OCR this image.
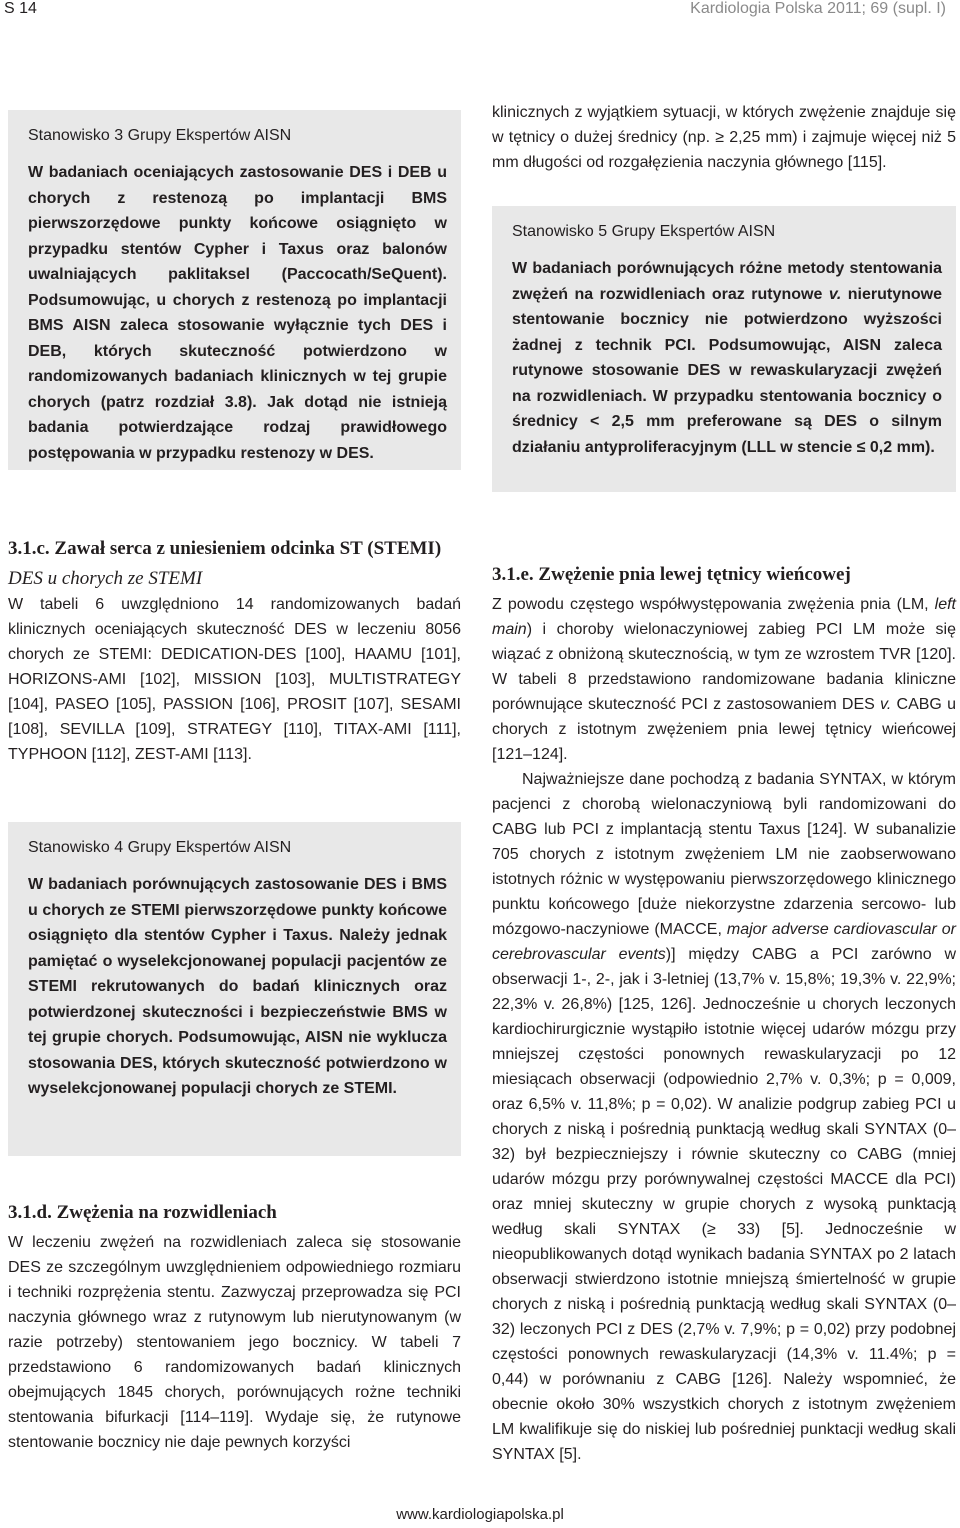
S 14	Kardiologia Polska 2011; 69 (supl. I)
Stanowisko 3 Grupy Ekspertów AISN

W badaniach oceniających zastosowanie DES i DEB u chorych z restenozą po implantacji BMS pierwszorzędowe punkty końcowe osiągnięto w przypadku stentów Cypher i Taxus oraz balonów uwalniających paklitaksel (Paccocath/SeQuent). Podsumowując, u chorych z restenozą po implantacji BMS AISN zaleca stosowanie wyłącznie tych DES i DEB, których skuteczność potwierdzono w randomizowanych badaniach klinicznych w tej grupie chorych (patrz rozdział 3.8). Jak dotąd nie istnieją badania potwierdzające rodzaj prawidłowego postępowania w przypadku restenozy w DES.

klinicznych z wyjątkiem sytuacji, w których zwężenie znajduje się w tętnicy o dużej średnicy (np. ≥ 2,25 mm) i zajmuje więcej niż 5 mm długości od rozgałęzienia naczynia głównego [115].

Stanowisko 5 Grupy Ekspertów AISN

W badaniach porównujących różne metody stentowania zwężeń na rozwidleniach oraz rutynowe v. nierutynowe stentowanie bocznicy nie potwierdzono wyższości żadnej z technik PCI. Podsumowując, AISN zaleca rutynowe stosowanie DES w rewaskularyzacji zwężeń na rozwidleniach. W przypadku stentowania bocznicy o średnicy < 2,5 mm preferowane są DES o silnym działaniu antyproliferacyjnym (LLL w stencie ≤ 0,2 mm).

3.1.c. Zawał serca z uniesieniem odcinka ST (STEMI)
DES u chorych ze STEMI

W tabeli 6 uwzględniono 14 randomizowanych badań klinicznych oceniających skuteczność DES w leczeniu 8056 chorych ze STEMI: DEDICATION-DES [100], HAAMU [101], HORIZONS-AMI [102], MISSION [103], MULTISTRATEGY [104], PASEO [105], PASSION [106], PROSIT [107], SESAMI [108], SEVILLA [109], STRATEGY [110], TITAX-AMI [111], TYPHOON [112], ZEST-AMI [113].

Stanowisko 4 Grupy Ekspertów AISN

W badaniach porównujących zastosowanie DES i BMS u chorych ze STEMI pierwszorzędowe punkty końcowe osiągnięto dla stentów Cypher i Taxus. Należy jednak pamiętać o wyselekcjonowanej populacji pacjentów ze STEMI rekrutowanych do badań klinicznych oraz potwierdzonej skuteczności i bezpieczeństwie BMS w tej grupie chorych. Podsumowując, AISN nie wyklucza stosowania DES, których skuteczność potwierdzono w wyselekcjonowanej populacji chorych ze STEMI.

3.1.d. Zwężenia na rozwidleniach

W leczeniu zwężeń na rozwidleniach zaleca się stosowanie DES ze szczególnym uwzględnieniem odpowiedniego rozmiaru i techniki rozprężenia stentu. Zazwyczaj przeprowadza się PCI naczynia głównego wraz z rutynowym lub nierutynowanym (w razie potrzeby) stentowaniem jego bocznicy. W tabeli 7 przedstawiono 6 randomizowanych badań klinicznych obejmujących 1845 chorych, porównujących rożne techniki stentowania bifurkacji [114–119]. Wydaje się, że rutynowe stentowanie bocznicy nie daje pewnych korzyści

3.1.e. Zwężenie pnia lewej tętnicy wieńcowej

Z powodu częstego współwystępowania zwężenia pnia (LM, left main) i choroby wielonaczyniowej zabieg PCI LM może się wiązać z obniżoną skutecznością, w tym ze wzrostem TVR [120]. W tabeli 8 przedstawiono randomizowane badania kliniczne porównujące skuteczność PCI z zastosowaniem DES v. CABG u chorych z istotnym zwężeniem pnia lewej tętnicy wieńcowej [121–124].

Najważniejsze dane pochodzą z badania SYNTAX, w którym pacjenci z chorobą wielonaczyniową byli randomizowani do CABG lub PCI z implantacją stentu Taxus [124]. W subanalizie 705 chorych z istotnym zwężeniem LM nie zaobserwowano istotnych różnic w występowaniu pierwszorzędowego klinicznego punktu końcowego [duże niekorzystne zdarzenia sercowo- lub mózgowo-naczyniowe (MACCE, major adverse cardiovascular or cerebrovascular events)] między CABG a PCI zarówno w obserwacji 1-, 2-, jak i 3-letniej (13,7% v. 15,8%; 19,3% v. 22,9%; 22,3% v. 26,8%) [125, 126]. Jednocześnie u chorych leczonych kardiochirurgicznie wystąpiło istotnie więcej udarów mózgu przy mniejszej częstości ponownych rewaskularyzacji po 12 miesiącach obserwacji (odpowiednio 2,7% v. 0,3%; p = 0,009, oraz 6,5% v. 11,8%; p = 0,02). W analizie podgrup zabieg PCI u chorych z niską i pośrednią punktacją według skali SYNTAX (0–32) był bezpieczniejszy i równie skuteczny co CABG (mniej udarów mózgu przy porównywalnej częstości MACCE dla PCI) oraz mniej skuteczny w grupie chorych z wysoką punktacją według skali SYNTAX (≥ 33) [5]. Jednocześnie w nieopublikowanych dotąd wynikach badania SYNTAX po 2 latach obserwacji stwierdzono istotnie mniejszą śmiertelność w grupie chorych z niską i pośrednią punktacją według skali SYNTAX (0–32) leczonych PCI z DES (2,7% v. 7,9%; p = 0,02) przy podobnej częstości ponownych rewaskularyzacji (14,3% v. 11.4%; p = 0,44) w porównaniu z CABG [126]. Należy wspomnieć, że obecnie około 30% wszystkich chorych z istotnym zwężeniem LM kwalifikuje się do niskiej lub pośredniej punktacji według skali SYNTAX [5].

www.kardiologiapolska.pl
